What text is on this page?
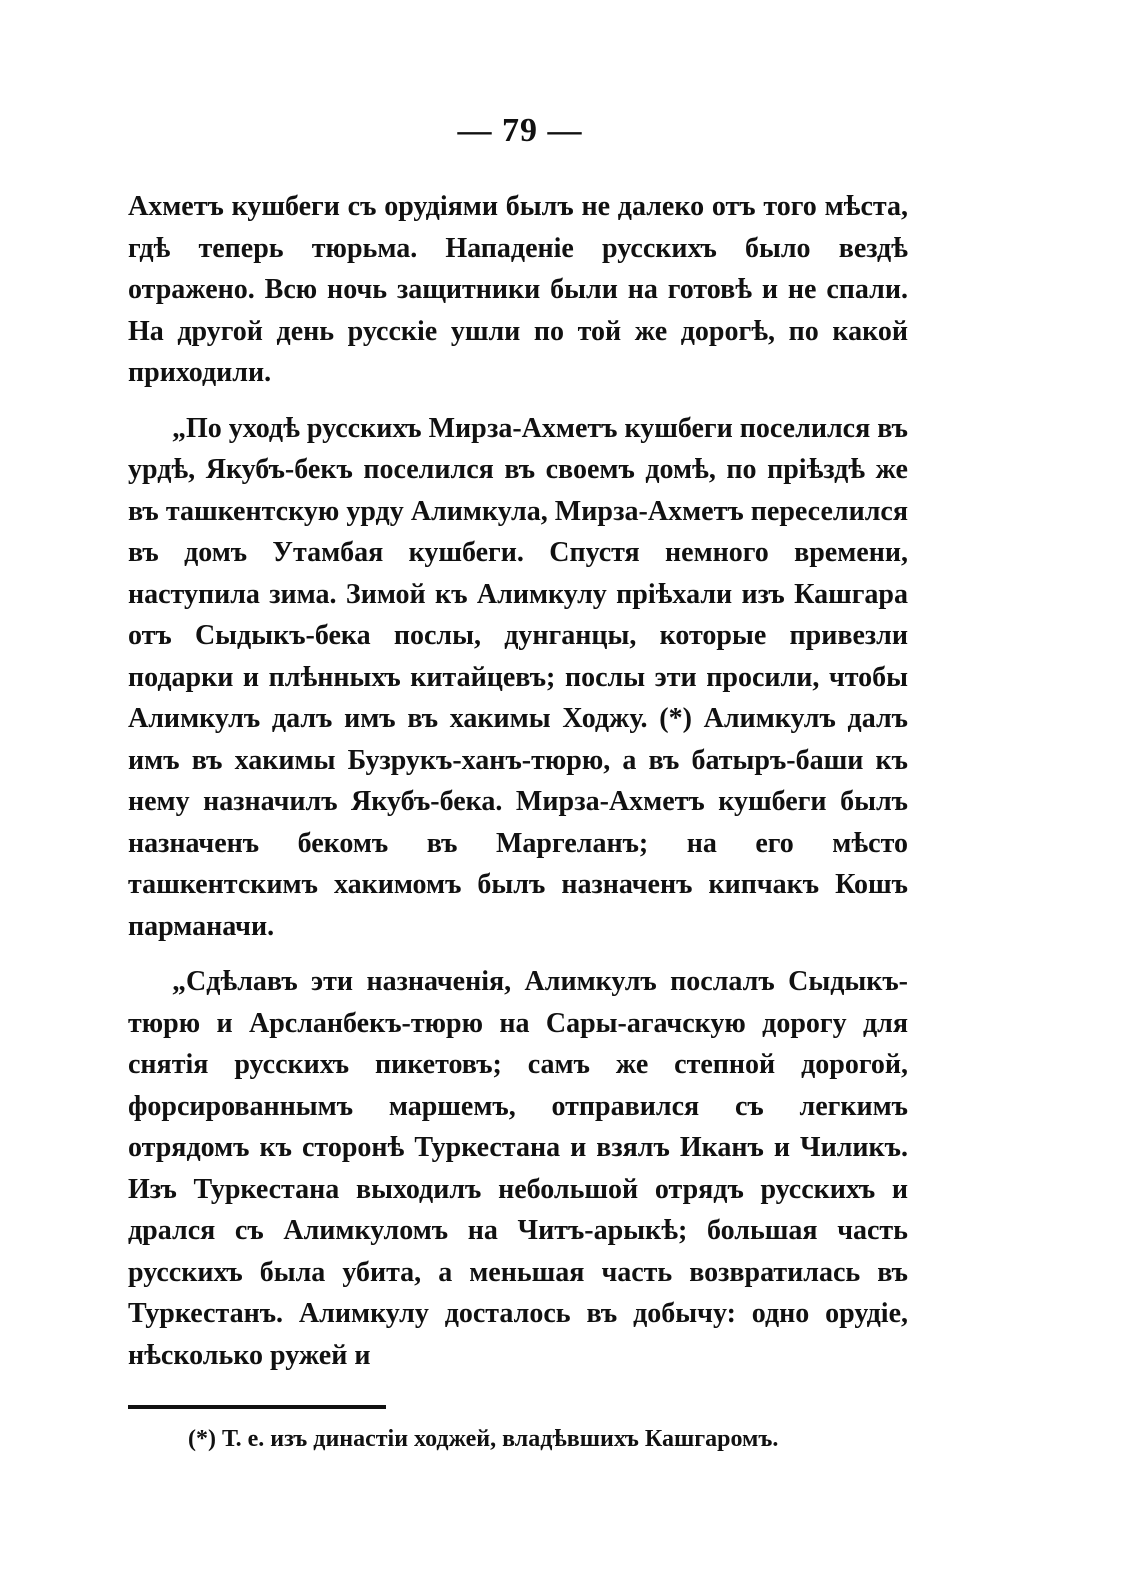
— 79 —

Ахметъ кушбеги съ орудіями былъ не далеко отъ того мѣста, гдѣ теперь тюрьма. Нападеніе русскихъ было вездѣ отражено. Всю ночь защитники были на готовѣ и не спали. На другой день русскіе ушли по той же дорогѣ, по какой приходили.

„По уходѣ русскихъ Мирза-Ахметъ кушбеги поселился въ урдѣ, Якубъ-бекъ поселился въ своемъ домѣ, по пріѣздѣ же въ ташкентскую урду Алимкула, Мирза-Ахметъ переселился въ домъ Утамбая кушбеги. Спустя немного времени, наступила зима. Зимой къ Алимкулу пріѣхали изъ Кашгара отъ Сыдыкъ-бека послы, дунганцы, которые привезли подарки и плѣнныхъ китайцевъ; послы эти просили, чтобы Алимкулъ далъ имъ въ хакимы Ходжу. (*) Алимкулъ далъ имъ въ хакимы Бузрукъ-ханъ-тюрю, а въ батыръ-баши къ нему назначилъ Якубъ-бека. Мирза-Ахметъ кушбеги былъ назначенъ бекомъ въ Маргеланъ; на его мѣсто ташкентскимъ хакимомъ былъ назначенъ кипчакъ Кошъ парманачи.

„Сдѣлавъ эти назначенія, Алимкулъ послалъ Сыдыкъ-тюрю и Арсланбекъ-тюрю на Сары-агачскую дорогу для снятія русскихъ пикетовъ; самъ же степной дорогой, форсированнымъ маршемъ, отправился съ легкимъ отрядомъ къ сторонѣ Туркестана и взялъ Иканъ и Чиликъ. Изъ Туркестана выходилъ небольшой отрядъ русскихъ и дрался съ Алимкуломъ на Читъ-арыкѣ; большая часть русскихъ была убита, а меньшая часть возвратилась въ Туркестанъ. Алимкулу досталось въ добычу: одно орудіе, нѣсколько ружей и

(*) Т. е. изъ династіи ходжей, владѣвшихъ Кашгаромъ.
